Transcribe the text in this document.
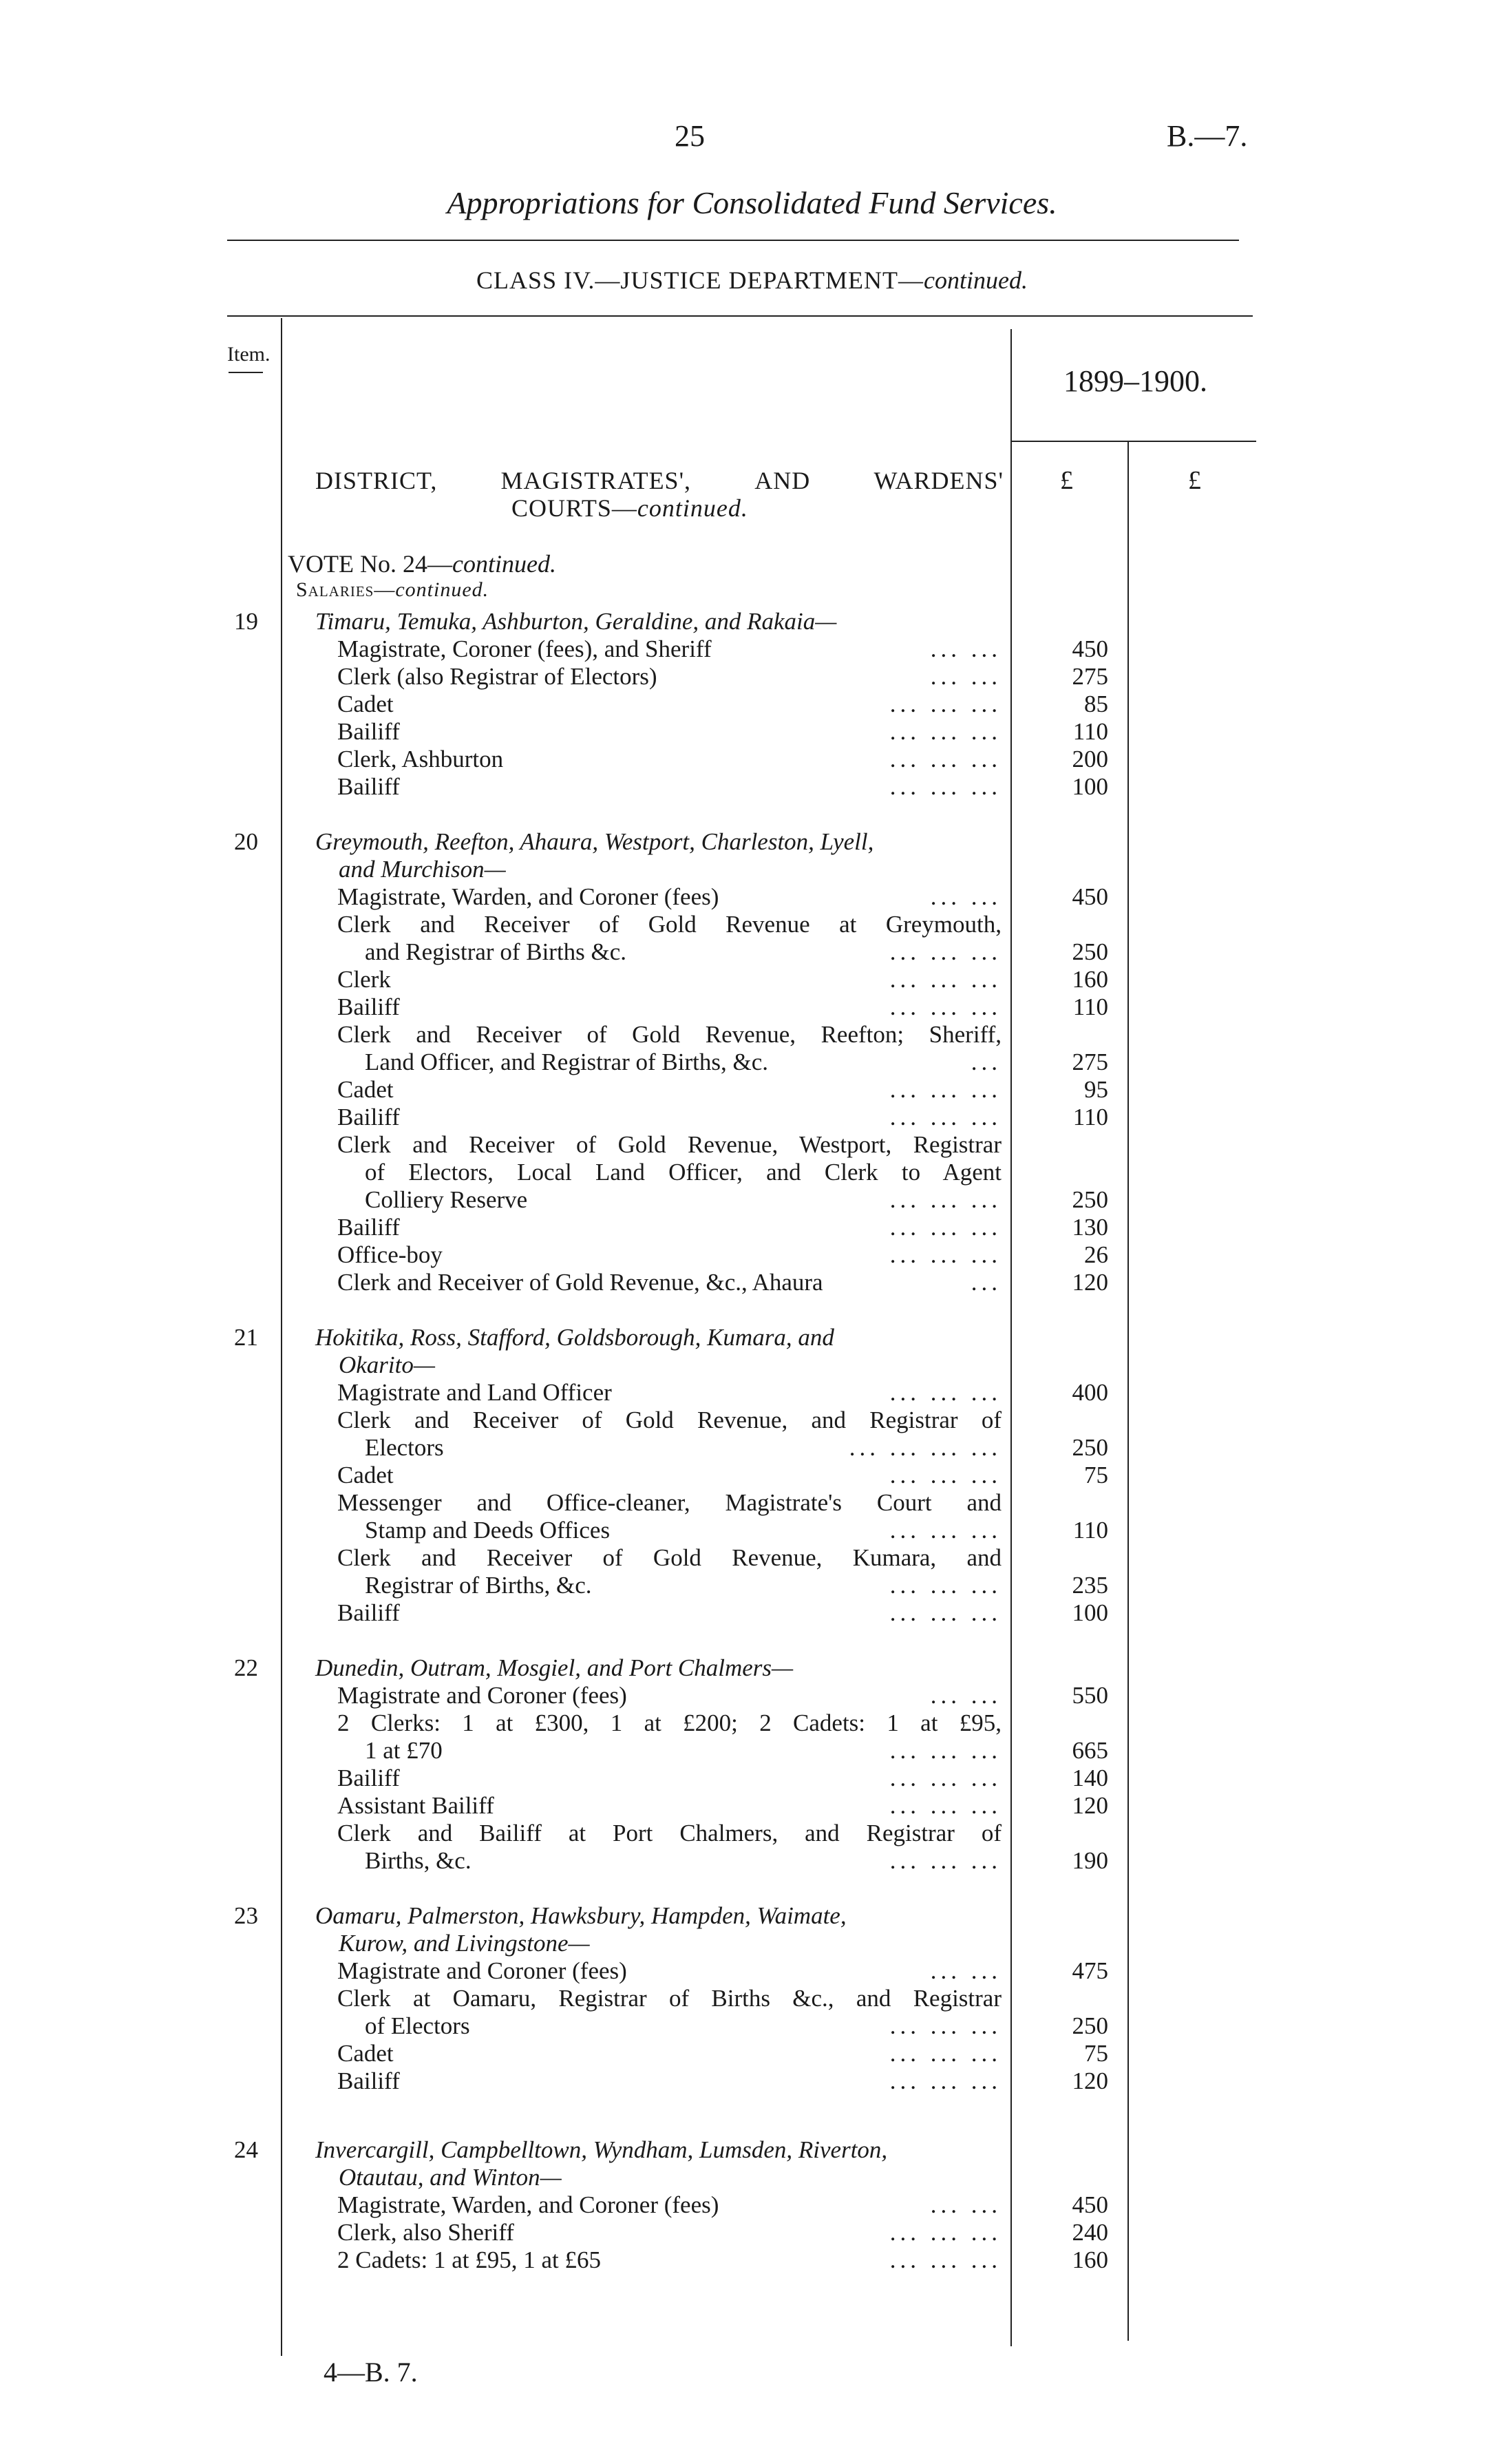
25	B.—7.
Appropriations for Consolidated Fund Services.
CLASS IV.—JUSTICE DEPARTMENT—continued.
Item.
1899–1900.
£	£
DISTRICT,	MAGISTRATES',	AND	WARDENS'
COURTS—continued.
VOTE No. 24—continued.
Salaries—continued.
19 Timaru, Temuka, Ashburton, Geraldine, and Rakaia—
Magistrate, Coroner (fees), and Sheriff	... ...	450
Clerk (also Registrar of Electors)	... ...	275
Cadet	... ... ...	85
Bailiff	... ... ...	110
Clerk, Ashburton	... ... ...	200
Bailiff	... ... ...	100
20 Greymouth, Reefton, Ahaura, Westport, Charleston, Lyell,
and Murchison—
Magistrate, Warden, and Coroner (fees)	... ...	450
Clerk and Receiver of Gold Revenue at Greymouth,
and Registrar of Births &c.	... ... ...	250
Clerk	... ... ...	160
Bailiff	... ... ...	110
Clerk and Receiver of Gold Revenue, Reefton; Sheriff,
Land Officer, and Registrar of Births, &c.	...	275
Cadet	... ... ...	95
Bailiff	... ... ...	110
Clerk and Receiver of Gold Revenue, Westport, Registrar
of Electors, Local Land Officer, and Clerk to Agent
Colliery Reserve	... ... ...	250
Bailiff	... ... ...	130
Office-boy	... ... ...	26
Clerk and Receiver of Gold Revenue, &c., Ahaura	...	120
21 Hokitika, Ross, Stafford, Goldsborough, Kumara, and
Okarito—
Magistrate and Land Officer	... ... ...	400
Clerk and Receiver of Gold Revenue, and Registrar of
Electors	... ... ... ...	250
Cadet	... ... ...	75
Messenger and Office-cleaner, Magistrate's Court and
Stamp and Deeds Offices	... ... ...	110
Clerk and Receiver of Gold Revenue, Kumara, and
Registrar of Births, &c.	... ... ...	235
Bailiff	... ... ...	100
22 Dunedin, Outram, Mosgiel, and Port Chalmers—
Magistrate and Coroner (fees)	... ...	550
2 Clerks: 1 at £300, 1 at £200; 2 Cadets: 1 at £95,
1 at £70	... ... ...	665
Bailiff	... ... ...	140
Assistant Bailiff	... ... ...	120
Clerk and Bailiff at Port Chalmers, and Registrar of
Births, &c.	... ... ...	190
23 Oamaru, Palmerston, Hawksbury, Hampden, Waimate,
Kurow, and Livingstone—
Magistrate and Coroner (fees)	... ...	475
Clerk at Oamaru, Registrar of Births &c., and Registrar
of Electors	... ... ...	250
Cadet	... ... ...	75
Bailiff	... ... ...	120
24 Invercargill, Campbelltown, Wyndham, Lumsden, Riverton,
Otautau, and Winton—
Magistrate, Warden, and Coroner (fees)	... ...	450
Clerk, also Sheriff	... ... ...	240
2 Cadets: 1 at £95, 1 at £65	... ... ...	160
4—B. 7.
